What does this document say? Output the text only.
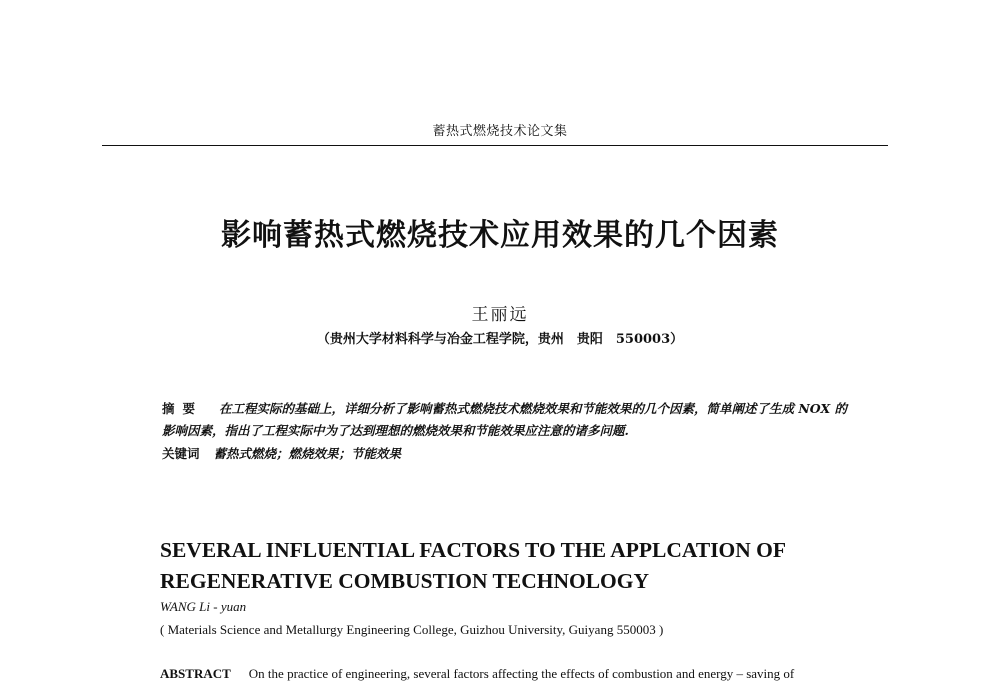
蓄热式燃烧技术论文集
影响蓄热式燃烧技术应用效果的几个因素
王丽远
（贵州大学材料科学与冶金工程学院，贵州　贵阳　550003）
摘要 在工程实际的基础上，详细分析了影响蓄热式燃烧技术燃烧效果和节能效果的几个因素，简单阐述了生成 NOX 的影响因素，指出了工程实际中为了达到理想的燃烧效果和节能效果应注意的诸多问题.
关键词 蓄热式燃烧；燃烧效果；节能效果
SEVERAL INFLUENTIAL FACTORS TO THE APPLCATION OF REGENERATIVE COMBUSTION TECHNOLOGY
WANG Li - yuan
( Materials Science and Metallurgy Engineering College, Guizhou University, Guiyang 550003 )
ABSTRACT On the practice of engineering, several factors affecting the effects of combustion and energy – saving of
